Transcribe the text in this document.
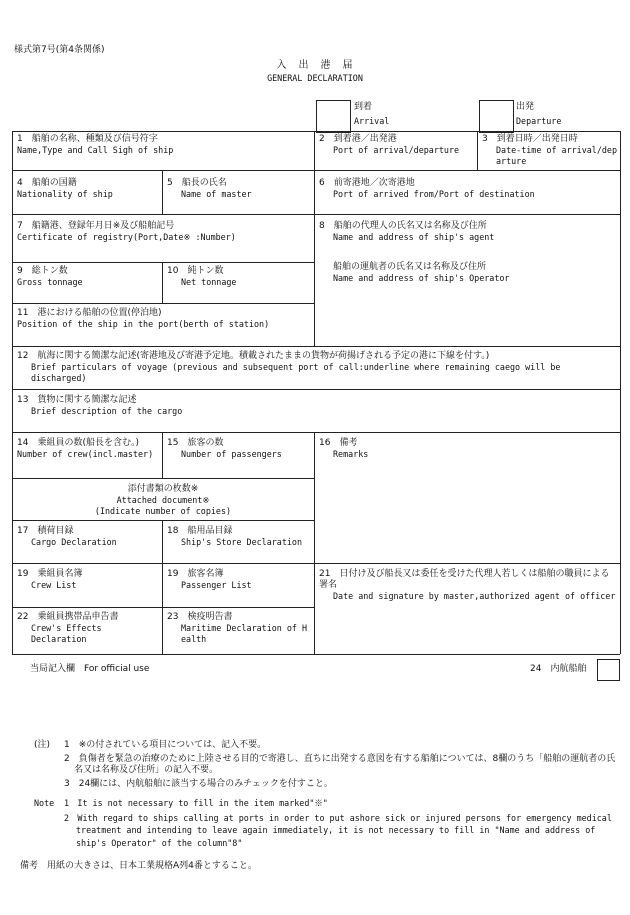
様式第7号(第4条関係)
入　出　港　届
GENERAL DECLARATION
到着
Arrival
出発
Departure
1　船舶の名称、種類及び信号符字
Name,Type and Call Sigh of ship
2　到着港／出発港
Port of arrival/departure
3　到着日時／出発日時
Date-time of arrival/departure
4　船舶の国籍
Nationality of ship
5　船長の氏名
Name of master
6　前寄港地／次寄港地
Port of arrived from/Port of destination
7　船籍港、登録年月日※及び船舶記号
Certificate of registry(Port,Date※ :Number)
8　船舶の代理人の氏名又は名称及び住所
Name and address of ship's agent
船舶の運航者の氏名又は名称及び住所
Name and address of ship's Operator
9　総トン数
Gross tonnage
10　純トン数
Net tonnage
11　港における船舶の位置(停泊地)
Position of the ship in the port(berth of station)
12　航海に関する簡潔な記述(寄港地及び寄港予定地。積載されたままの貨物が荷揚げされる予定の港に下線を付す。)
Brief particulars of voyage (previous and subsequent port of call:underline where remaining caego will be discharged)
13　貨物に関する簡潔な記述
Brief description of the cargo
14　乗組員の数(船長を含む。)
Number of crew(incl.master)
15　旅客の数
Number of passengers
16　備考
Remarks
添付書類の枚数※
Attached document※
(Indicate number of copies)
17　積荷目録
Cargo Declaration
18　船用品目録
Ship's Store Declaration
19　乗組員名簿
Crew List
19　旅客名簿
Passenger List
21　日付け及び船長又は委任を受けた代理人若しくは船舶の職員による署名
Date and signature by master,authorized agent of officer
22　乗組員携帯品申告書
Crew's Effects Declaration
23　検疫明告書
Maritime Declaration of Health
当局記入欄　For official use	24　内航船舶
(注) 1　※の付されている項目については、記入不要。
2　負傷者を緊急の治療のために上陸させる目的で寄港し、直ちに出発する意図を有する船舶については、8欄のうち「船舶の運航者の氏名又は名称及び住所」の記入不要。
3　24欄には、内航船舶に該当する場合のみチェックを付すこと。
Note 1　It is not necessary to fill in the item marked"※"
2　With regard to ships calling at ports in order to put ashore sick or injured persons for emergency medical treatment and intending to leave again immediately, it is not necessary to fill in "Name and address of ship's Operator" of the column"8"
備考　用紙の大きさは、日本工業規格A列4番とすること。
